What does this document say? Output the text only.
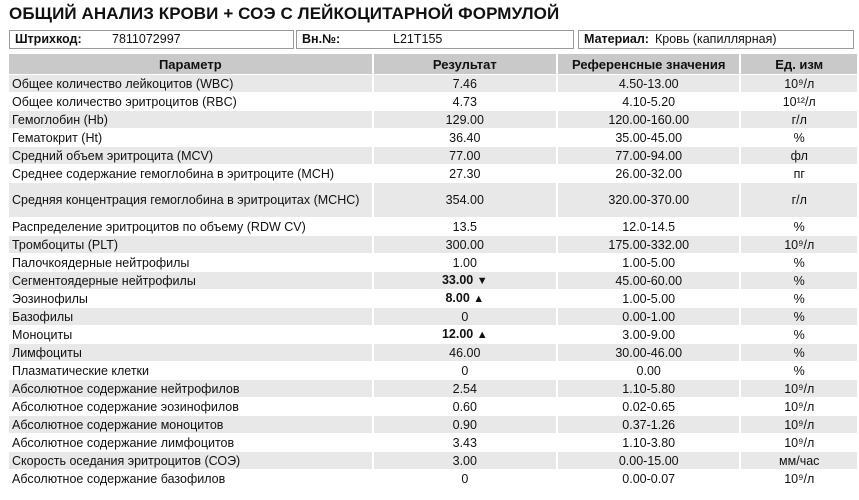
ОБЩИЙ АНАЛИЗ КРОВИ + СОЭ С ЛЕЙКОЦИТАРНОЙ ФОРМУЛОЙ
Штрихкод: 7811072997	Вн.№:	L21T155	Материал: Кровь (капиллярная)
Параметр	Результат	Референсные значения	Ед. изм
Общее количество лейкоцитов (WBC)	7.46	4.50-13.00	10⁹/л
Общее количество эритроцитов (RBC)	4.73	4.10-5.20	10¹²/л
Гемоглобин (Hb)	129.00	120.00-160.00	г/л
Гематокрит (Ht)	36.40	35.00-45.00	%
Средний объем эритроцита (MCV)	77.00	77.00-94.00	фл
Среднее содержание гемоглобина в эритроците (MCH)	27.30	26.00-32.00	пг
Средняя концентрация гемоглобина в эритроцитах (MCHC)	354.00	320.00-370.00	г/л
Распределение эритроцитов по объему (RDW CV)	13.5	12.0-14.5	%
Тромбоциты (PLT)	300.00	175.00-332.00	10⁹/л
Палочкоядерные нейтрофилы	1.00	1.00-5.00	%
Сегментоядерные нейтрофилы	33.00 ▼	45.00-60.00	%
Эозинофилы	8.00 ▲	1.00-5.00	%
Базофилы	0	0.00-1.00	%
Моноциты	12.00 ▲	3.00-9.00	%
Лимфоциты	46.00	30.00-46.00	%
Плазматические клетки	0	0.00	%
Абсолютное содержание нейтрофилов	2.54	1.10-5.80	10⁹/л
Абсолютное содержание эозинофилов	0.60	0.02-0.65	10⁹/л
Абсолютное содержание моноцитов	0.90	0.37-1.26	10⁹/л
Абсолютное содержание лимфоцитов	3.43	1.10-3.80	10⁹/л
Скорость оседания эритроцитов (СОЭ)	3.00	0.00-15.00	мм/час
Абсолютное содержание базофилов	0	0.00-0.07	10⁹/л
